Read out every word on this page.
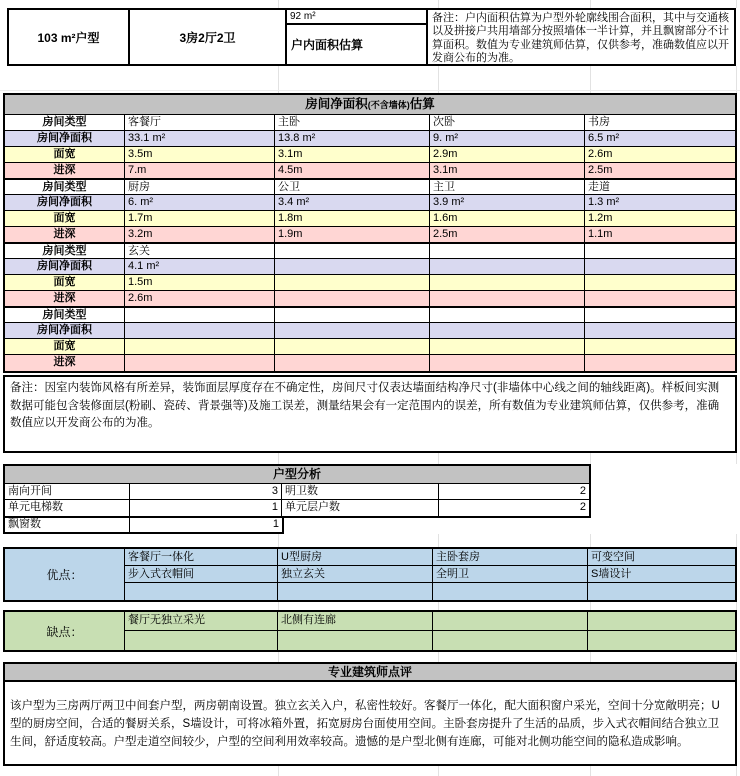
103 m²户型	3房2厅2卫
92 m²
户内面积估算
备注：户内面积估算为户型外轮廓线围合面积，其中与交通核以及拼接户共用墙部分按照墙体一半计算，并且飘窗部分不计算面积。数值为专业建筑师估算，仅供参考，准确数值应以开发商公布的为准。
房间净面积(不含墙体)估算
房间类型	客餐厅	主卧	次卧	书房
房间净面积	33.1 m²	13.8 m²	9. m²	6.5 m²
面宽	3.5m	3.1m	2.9m	2.6m
进深	7.m	4.5m	3.1m	2.5m
房间类型	厨房	公卫	主卫	走道
房间净面积	6. m²	3.4 m²	3.9 m²	1.3 m²
面宽	1.7m	1.8m	1.6m	1.2m
进深	3.2m	1.9m	2.5m	1.1m
房间类型	玄关
房间净面积	4.1 m²
面宽	1.5m
进深	2.6m
房间类型
房间净面积
面宽
进深
备注：因室内装饰风格有所差异，装饰面层厚度存在不确定性，房间尺寸仅表达墙面结构净尺寸(非墙体中心线之间的轴线距离)。样板间实测数据可能包含装修面层(粉刷、瓷砖、背景强等)及施工误差，测量结果会有一定范围内的误差，所有数值为专业建筑师估算，仅供参考，准确数值应以开发商公布的为准。
户型分析
南向开间	3 明卫数	2
单元电梯数	1 单元层户数	2
飘窗数	1
优点：
客餐厅一体化	U型厨房	主卧套房	可变空间
步入式衣帽间	独立玄关	全明卫	S墙设计
缺点：
餐厅无独立采光	北侧有连廊
专业建筑师点评
该户型为三房两厅两卫中间套户型，两房朝南设置。独立玄关入户，私密性较好。客餐厅一体化，配大面积窗户采光，空间十分宽敞明亮；U型的厨房空间，合适的餐厨关系，S墙设计，可将冰箱外置，拓宽厨房台面使用空间。主卧套房提升了生活的品质，步入式衣帽间结合独立卫生间，舒适度较高。户型走道空间较少，户型的空间利用效率较高。遗憾的是户型北侧有连廊，可能对北侧功能空间的隐私造成影响。
